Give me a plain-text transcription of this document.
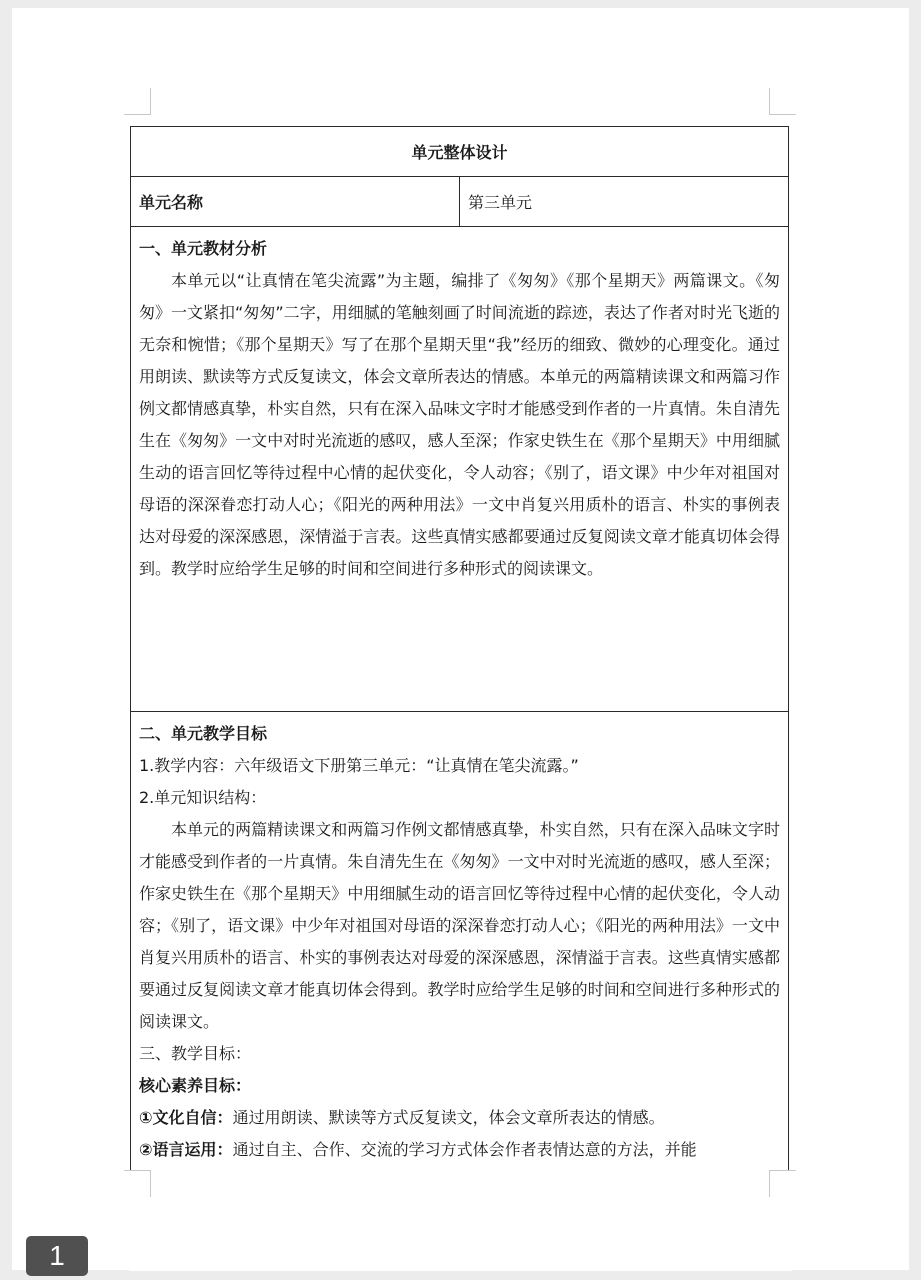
单元整体设计
单元名称	第三单元

一、单元教材分析
本单元以“让真情在笔尖流露”为主题，编排了《匆匆》《那个星期天》两篇课文。《匆匆》一文紧扣“匆匆”二字，用细腻的笔触刻画了时间流逝的踪迹，表达了作者对时光飞逝的无奈和惋惜；《那个星期天》写了在那个星期天里“我”经历的细致、微妙的心理变化。通过用朗读、默读等方式反复读文，体会文章所表达的情感。本单元的两篇精读课文和两篇习作例文都情感真挚，朴实自然，只有在深入品味文字时才能感受到作者的一片真情。朱自清先生在《匆匆》一文中对时光流逝的感叹，感人至深；作家史铁生在《那个星期天》中用细腻生动的语言回忆等待过程中心情的起伏变化，令人动容；《别了，语文课》中少年对祖国对母语的深深眷恋打动人心；《阳光的两种用法》一文中肖复兴用质朴的语言、朴实的事例表达对母爱的深深感恩，深情溢于言表。这些真情实感都要通过反复阅读文章才能真切体会得到。教学时应给学生足够的时间和空间进行多种形式的阅读课文。

二、单元教学目标
1.教学内容：六年级语文下册第三单元：“让真情在笔尖流露。”
2.单元知识结构：
本单元的两篇精读课文和两篇习作例文都情感真挚，朴实自然，只有在深入品味文字时才能感受到作者的一片真情。朱自清先生在《匆匆》一文中对时光流逝的感叹，感人至深；作家史铁生在《那个星期天》中用细腻生动的语言回忆等待过程中心情的起伏变化，令人动容；《别了，语文课》中少年对祖国对母语的深深眷恋打动人心；《阳光的两种用法》一文中肖复兴用质朴的语言、朴实的事例表达对母爱的深深感恩，深情溢于言表。这些真情实感都要通过反复阅读文章才能真切体会得到。教学时应给学生足够的时间和空间进行多种形式的阅读课文。
三、教学目标：
核心素养目标：
①文化自信：通过用朗读、默读等方式反复读文，体会文章所表达的情感。
②语言运用：通过自主、合作、交流的学习方式体会作者表情达意的方法，并能
1
